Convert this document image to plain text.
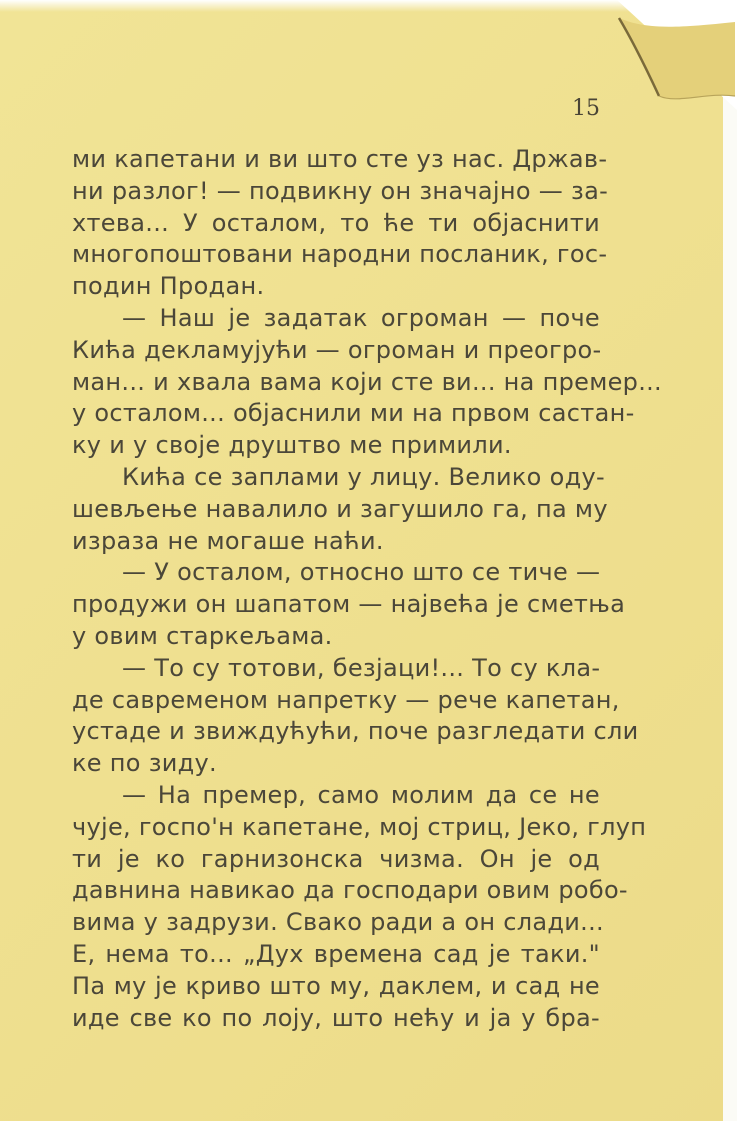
15
ми капетани и ви што сте уз нас. Држав-
ни разлог! — подвикну он значајно — за-
хтева... У осталом, то ће ти објаснити
многопоштовани народни посланик, гос-
подин Продан.
— Наш је задатак огроман — поче
Кића декламујући — огроман и преогро-
ман... и хвала вама који сте ви... на премер...
у осталом... објаснили ми на првом састан-
ку и у своје друштво ме примили.
Кића се заплами у лицу. Велико оду-
шевљење навалило и загушило га, па му
израза не могаше наћи.
— У осталом, относно што се тиче —
продужи он шапатом — највећа је сметња
у овим старкељама.
— То су тотови, безјаци!... То су кла-
де савременом напретку — рече капетан,
устаде и звиждућући, поче разгледати сли
ке по зиду.
— На премер, само молим да се не
чује, госпо'н капетане, мој стриц, Јеко, глуп
ти је ко гарнизонска чизма. Он је од
давнина навикао да господари овим робо-
вима у задрузи. Свако ради а он слади...
Е, нема то... „Дух времена сад је таки."
Па му је криво што му, даклем, и сад не
иде све ко по лоју, што нећу и ја у бра-
